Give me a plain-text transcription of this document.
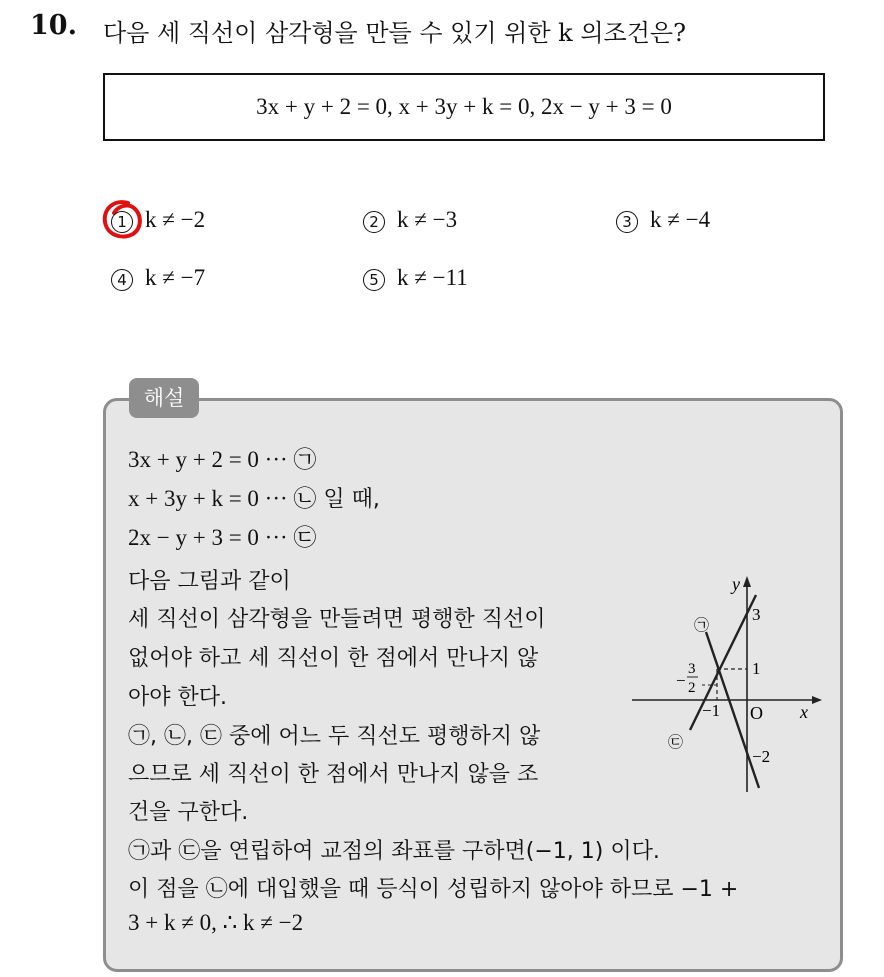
10. 다음 세 직선이 삼각형을 만들 수 있기 위한 k 의조건은?
3x + y + 2 = 0, x + 3y + k = 0, 2x − y + 3 = 0
1 k ≠ −2	2 k ≠ −3	3 k ≠ −4
4 k ≠ −7	5 k ≠ −11
해설
3x + y + 2 = 0 ··· ㉠
x + 3y + k = 0 ··· ㉡ 일 때,
2x − y + 3 = 0 ··· ㉢
다음 그림과 같이
세 직선이 삼각형을 만들려면 평행한 직선이
없어야 하고 세 직선이 한 점에서 만나지 않
아야 한다.
㉠, ㉡, ㉢ 중에 어느 두 직선도 평행하지 않
으므로 세 직선이 한 점에서 만나지 않을 조
건을 구한다.
㉠과 ㉢을 연립하여 교점의 좌표를 구하면(−1, 1) 이다.
이 점을 ㉡에 대입했을 때 등식이 성립하지 않아야 하므로 −1 +
3 + k ≠ 0, ∴ k ≠ −2
y
x
O
3
1
−2
−1
−
3
2
㉠
㉢
